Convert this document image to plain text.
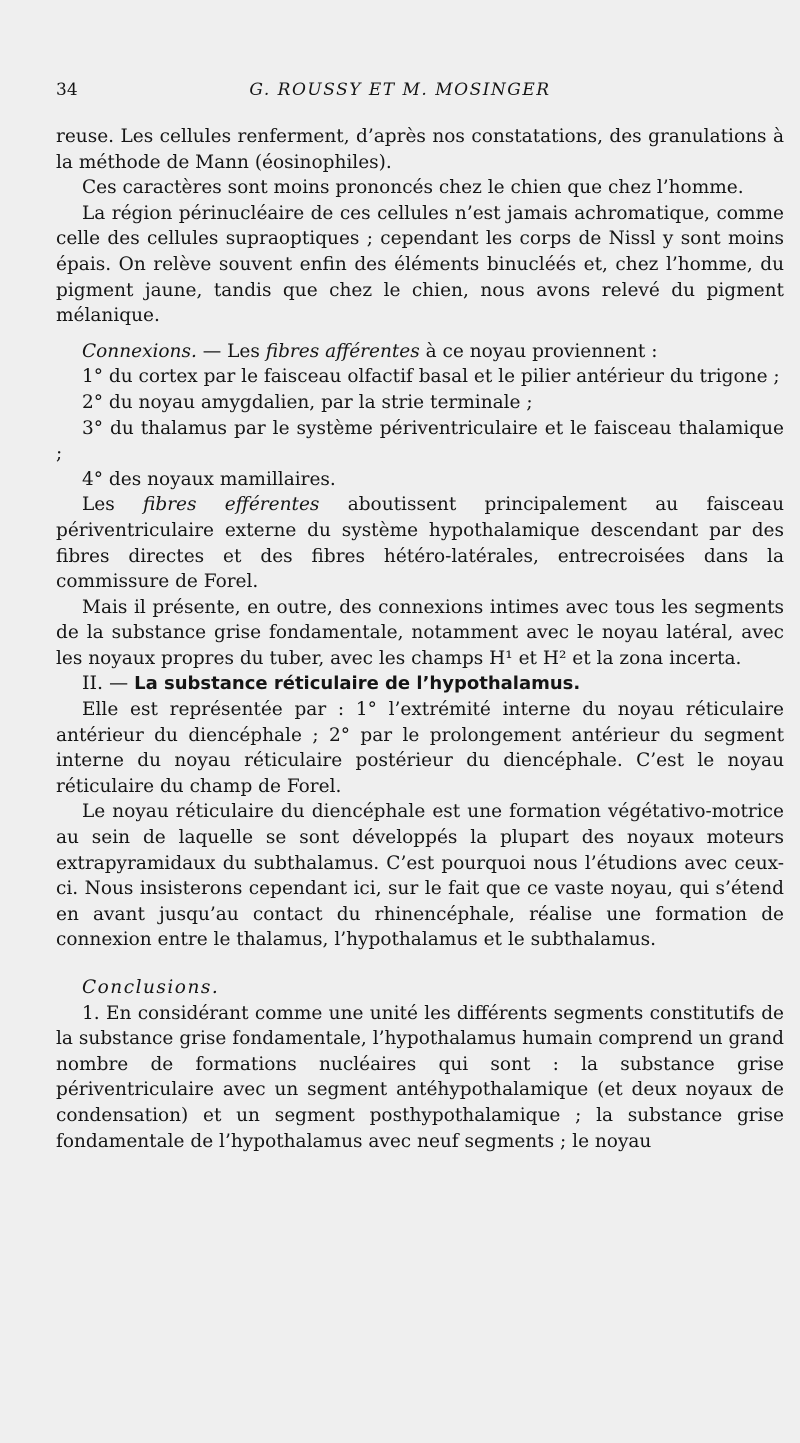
34	G. ROUSSY ET M. MOSINGER

reuse. Les cellules renferment, d’après nos constatations, des granulations à la méthode de Mann (éosinophiles).

Ces caractères sont moins prononcés chez le chien que chez l’homme.

La région périnucléaire de ces cellules n’est jamais achromatique, comme celle des cellules supraoptiques ; cependant les corps de Nissl y sont moins épais. On relève souvent enfin des éléments binucléés et, chez l’homme, du pigment jaune, tandis que chez le chien, nous avons relevé du pigment mélanique.

Connexions. — Les fibres afférentes à ce noyau proviennent :

1° du cortex par le faisceau olfactif basal et le pilier antérieur du trigone ;

2° du noyau amygdalien, par la strie terminale ;

3° du thalamus par le système périventriculaire et le faisceau thalamique ;

4° des noyaux mamillaires.

Les fibres efférentes aboutissent principalement au faisceau périventriculaire externe du système hypothalamique descendant par des fibres directes et des fibres hétéro-latérales, entrecroisées dans la commissure de Forel.

Mais il présente, en outre, des connexions intimes avec tous les segments de la substance grise fondamentale, notamment avec le noyau latéral, avec les noyaux propres du tuber, avec les champs H¹ et H² et la zona incerta.

II. — La substance réticulaire de l’hypothalamus.

Elle est représentée par : 1° l’extrémité interne du noyau réticulaire antérieur du diencéphale ; 2° par le prolongement antérieur du segment interne du noyau réticulaire postérieur du diencéphale. C’est le noyau réticulaire du champ de Forel.

Le noyau réticulaire du diencéphale est une formation végétativo-motrice au sein de laquelle se sont développés la plupart des noyaux moteurs extrapyramidaux du subthalamus. C’est pourquoi nous l’étudions avec ceux-ci. Nous insisterons cependant ici, sur le fait que ce vaste noyau, qui s’étend en avant jusqu’au contact du rhinencéphale, réalise une formation de connexion entre le thalamus, l’hypothalamus et le subthalamus.

Conclusions.

1. En considérant comme une unité les différents segments constitutifs de la substance grise fondamentale, l’hypothalamus humain comprend un grand nombre de formations nucléaires qui sont : la substance grise périventriculaire avec un segment antéhypothalamique (et deux noyaux de condensation) et un segment posthypothalamique ; la substance grise fondamentale de l’hypothalamus avec neuf segments ; le noyau
